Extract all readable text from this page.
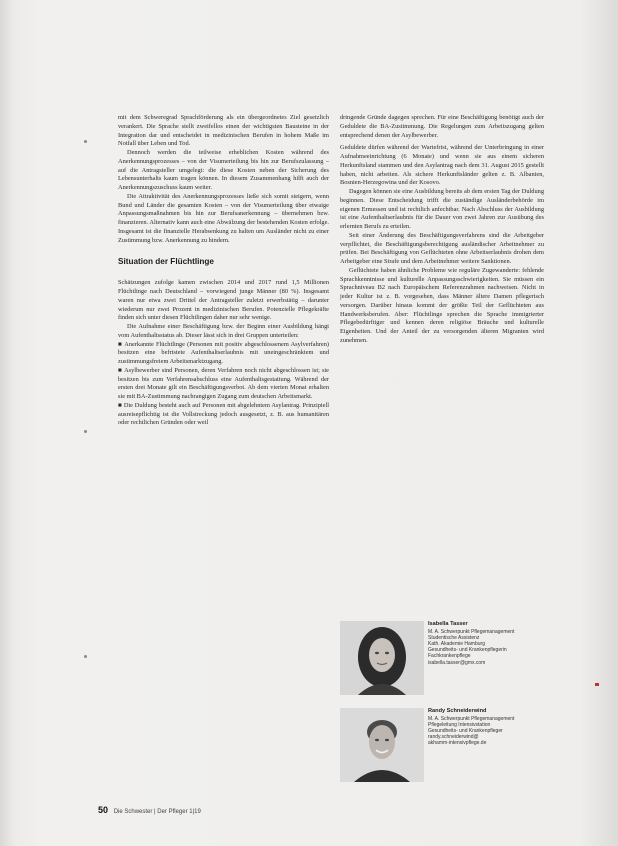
mit dem Schweregrad Sprachförderung als ein übergeordnetes Ziel gesetzlich verankert. Die Sprache stellt zweifellos einen der wichtigsten Bausteine in der Integration dar und entscheidet in medizinischen Berufen in hohem Maße im Notfall über Leben und Tod.

Dennoch werden die teilweise erheblichen Kosten während des Anerkennungsprozesses – von der Visumerteilung bis hin zur Berufszulassung – auf die Antragsteller umgelegt: die diese Kosten neben der Sicherung des Lebensunterhalts kaum tragen können. In diesem Zusammenhang hilft auch der Anerkennungszuschuss kaum weiter.

Die Attraktivität des Anerkennungsprozesses ließe sich somit steigern, wenn Bund und Länder die gesamten Kosten – von der Visumerteilung über etwaige Anpassungsmaßnahmen bis hin zur Berufsanerkennung – übernehmen bzw. finanzieren. Alternativ kann auch eine Abwälzung der bestehenden Kosten erfolge. Insgesamt ist die finanzielle Herabsenkung zu halten um Ausländer nicht zu einer Zustimmung bzw. Anerkennung zu hindern.

Situation der Flüchtlinge

Schätzungen zufolge kamen zwischen 2014 und 2017 rund 1,5 Millionen Flüchtlinge nach Deutschland – vorwiegend junge Männer (80 %). Insgesamt waren nur etwa zwei Drittel der Antragsteller zuletzt erwerbstätig – darunter wiederum nur zwei Prozent in medizinischen Berufen. Potenzielle Pflegekräfte finden sich unter diesen Flüchtlingen daher nur sehr wenige.

Die Aufnahme einer Beschäftigung bzw. der Beginn einer Ausbildung hängt vom Aufenthaltsstatus ab. Dieser lässt sich in drei Gruppen unterteilen:

■ Anerkannte Flüchtlinge (Personen mit positiv abgeschlossenem Asylverfahren) besitzen eine befristete Aufenthaltserlaubnis mit uneingeschränktem und zustimmungsfreiem Arbeitsmarktzugang.

■ Asylbewerber sind Personen, deren Verfahren noch nicht abgeschlossen ist; sie besitzen bis zum Verfahrensabschluss eine Aufenthaltsgestattung. Während der ersten drei Monate gilt ein Beschäftigungsverbot. Ab dem vierten Monat erhalten sie mit BA-Zustimmung nachrangigen Zugang zum deutschen Arbeitsmarkt.

■ Die Duldung besteht auch auf Personen mit abgelehntem Asylantrag. Prinzipiell ausreisepflichtig ist die Vollstreckung jedoch ausgesetzt, z. B. aus humanitären oder rechtlichen Gründen oder weil

dringende Gründe dagegen sprechen. Für eine Beschäftigung benötigt auch der Geduldete die BA-Zustimmung. Die Regelungen zum Arbeitszugang gelten entsprechend denen der Asylbewerber.

Geduldete dürfen während der Wartefrist, während der Unterbringung in einer Aufnahmeeinrichtung (6 Monate) und wenn sie aus einem sicheren Herkunftsland stammen und den Asylantrag nach dem 31. August 2015 gestellt haben, nicht arbeiten. Als sichere Herkunftsländer gelten z. B. Albanien, Bosnien-Herzegowina und der Kosovo.

Dagegen können sie eine Ausbildung bereits ab dem ersten Tag der Duldung beginnen. Diese Entscheidung trifft die zuständige Ausländerbehörde im eigenen Ermessen und ist rechtlich anfechtbar. Nach Abschluss der Ausbildung ist eine Aufenthaltserlaubnis für die Dauer von zwei Jahren zur Ausübung des erlernten Berufs zu erteilen.

Seit einer Änderung des Beschäftigungsverfahrens sind die Arbeitgeber verpflichtet, die Beschäftigungsberechtigung ausländischer Arbeitnehmer zu prüfen. Bei Beschäftigung von Geflüchteten ohne Arbeitserlaubnis drohen dem Arbeitgeber eine Strafe und dem Arbeitnehmer weitere Sanktionen.

Geflüchtete haben ähnliche Probleme wie reguläre Zugewanderte: fehlende Sprachkenntnisse und kulturelle Anpassungsschwierigkeiten. Sie müssen ein Sprachniveau B2 nach Europäischem Referenzrahmen nachweisen. Nicht in jeder Kultur ist z. B. vorgesehen, dass Männer ältere Damen pflegerisch versorgen. Darüber hinaus kommt der größte Teil der Geflüchteten aus Handwerksberufen. Aber: Flüchtlinge sprechen die Sprache immigrierter Pflegebedürftiger und kennen deren religiöse Bräuche und kulturelle Eigenheiten. Und der Anteil der zu versorgenden älteren Migranten wird zunehmen.

Isabella Tasser
M. A. Schwerpunkt Pflegemanagement
Studentische Assistenz
Kath. Akademie Hamburg
Gesundheits- und Krankenpflegerin
Fachkrankenpflege
isabella.tasser@gmx.com
Randy Schneiderwind
M. A. Schwerpunkt Pflegemanagement
Pflegeleitung Intensivstation
Gesundheits- und Krankenpfleger
randy.schneiderwind@
akhamm-intensivpflege.de
50 Die Schwester | Der Pfleger 1|19
